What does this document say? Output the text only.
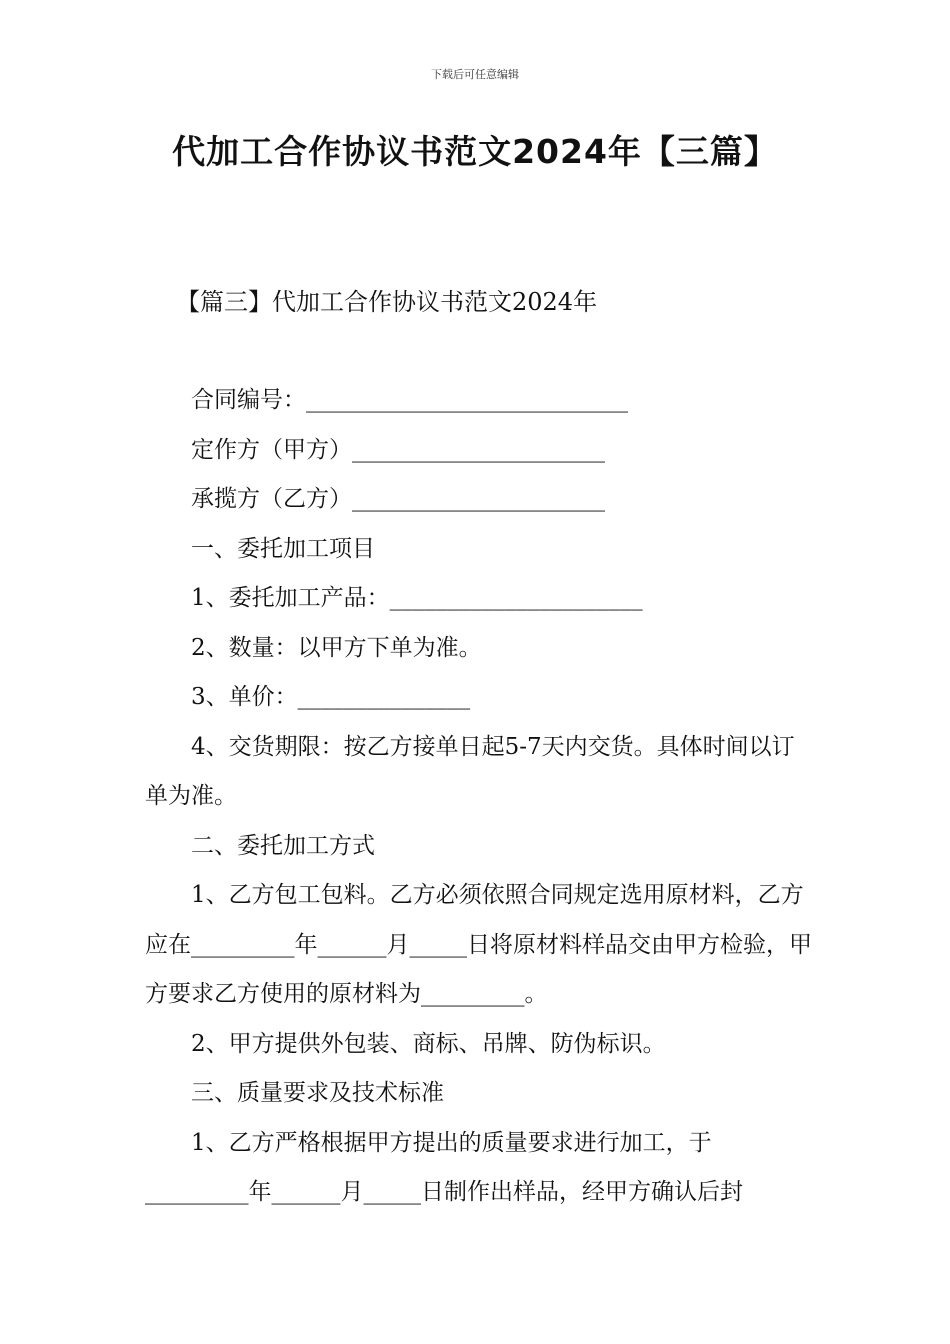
下载后可任意编辑
代加工合作协议书范文2024年【三篇】
【篇三】代加工合作协议书范文2024年

合同编号：____________________________

定作方（甲方）______________________

承揽方（乙方）______________________

一、委托加工项目

1、委托加工产品：______________________

2、数量：以甲方下单为准。

3、单价：_______________

4、交货期限：按乙方接单日起5-7天内交货。具体时间以订单为准。

二、委托加工方式

1、乙方包工包料。乙方必须依照合同规定选用原材料，乙方应在_________年______月_____日将原材料样品交由甲方检验，甲方要求乙方使用的原材料为_________。

2、甲方提供外包装、商标、吊牌、防伪标识。

三、质量要求及技术标准

1、乙方严格根据甲方提出的质量要求进行加工，于_________年______月_____日制作出样品，经甲方确认后封
